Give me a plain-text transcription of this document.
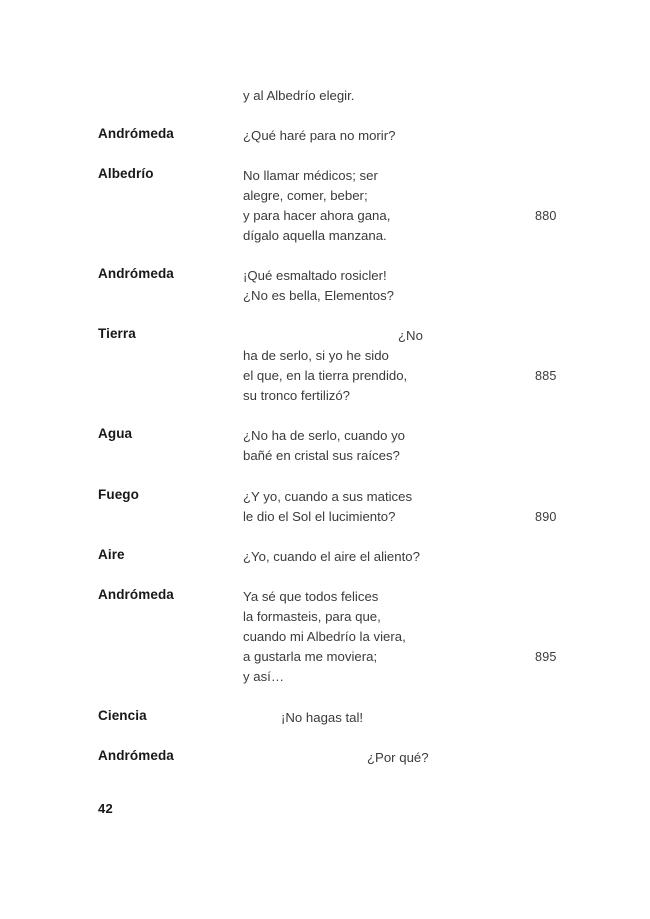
y al Albedrío elegir.
Andrómeda	¿Qué haré para no morir?
Albedrío	No llamar médicos; ser
alegre, comer, beber;
y para hacer ahora gana,	880
dígalo aquella manzana.
Andrómeda	¡Qué esmaltado rosicler!
¿No es bella, Elementos?
Tierra	¿No
ha de serlo, si yo he sido
el que, en la tierra prendido,	885
su tronco fertilizó?
Agua	¿No ha de serlo, cuando yo
bañé en cristal sus raíces?
Fuego	¿Y yo, cuando a sus matices
le dio el Sol el lucimiento?	890
Aire	¿Yo, cuando el aire el aliento?
Andrómeda	Ya sé que todos felices
la formasteis, para que,
cuando mi Albedrío la viera,
a gustarla me moviera;	895
y así…
Ciencia	¡No hagas tal!
Andrómeda	¿Por qué?
42
